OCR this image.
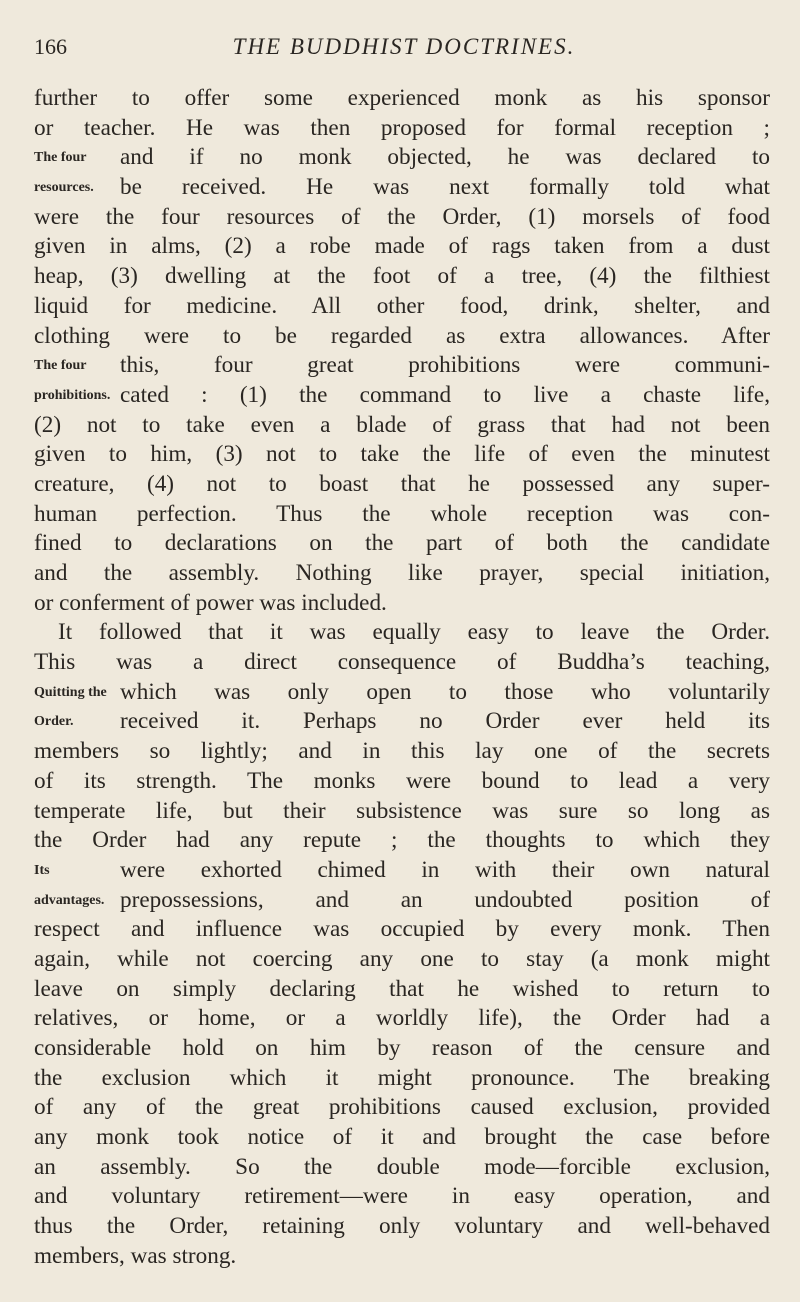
166	THE BUDDHIST DOCTRINES.
further to offer some experienced monk as his sponsor
or teacher. He was then proposed for formal reception ;
The four	and if no monk objected, he was declared to
resources.	be received. He was next formally told what
were the four resources of the Order, (1) morsels of food
given in alms, (2) a robe made of rags taken from a dust
heap, (3) dwelling at the foot of a tree, (4) the filthiest
liquid for medicine. All other food, drink, shelter, and
clothing were to be regarded as extra allowances. After
The four	this, four great prohibitions were communi-
prohibitions. cated : (1) the command to live a chaste life,
(2) not to take even a blade of grass that had not been
given to him, (3) not to take the life of even the minutest
creature, (4) not to boast that he possessed any super-
human perfection. Thus the whole reception was con-
fined to declarations on the part of both the candidate
and the assembly. Nothing like prayer, special initiation,
or conferment of power was included.
It followed that it was equally easy to leave the Order.
This was a direct consequence of Buddha’s teaching,
Quitting the which was only open to those who voluntarily
Order.	received it. Perhaps no Order ever held its
members so lightly; and in this lay one of the secrets
of its strength. The monks were bound to lead a very
temperate life, but their subsistence was sure so long as
the Order had any repute ; the thoughts to which they
Its	were exhorted chimed in with their own natural
advantages. prepossessions, and an undoubted position of
respect and influence was occupied by every monk. Then
again, while not coercing any one to stay (a monk might
leave on simply declaring that he wished to return to
relatives, or home, or a worldly life), the Order had a
considerable hold on him by reason of the censure and
the exclusion which it might pronounce. The breaking
of any of the great prohibitions caused exclusion, provided
any monk took notice of it and brought the case before
an assembly. So the double mode—forcible exclusion,
and voluntary retirement—were in easy operation, and
thus the Order, retaining only voluntary and well-behaved
members, was strong.
